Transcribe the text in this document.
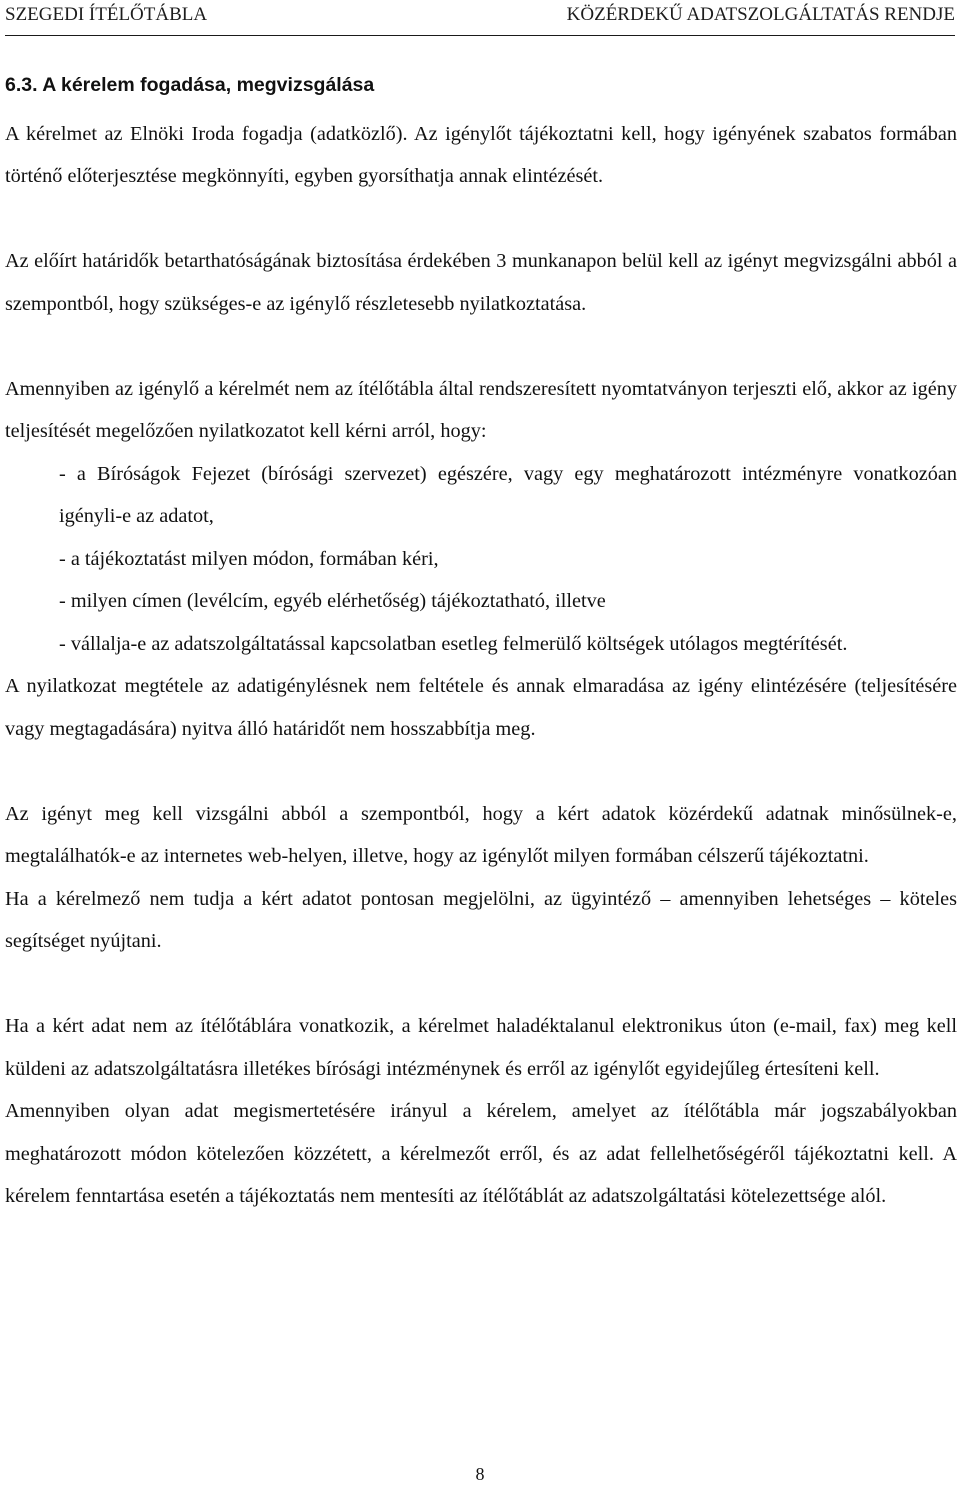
SZEGEDI ÍTÉLŐTÁBLA	KÖZÉRDEKŰ ADATSZOLGÁLTATÁS RENDJE
6.3. A kérelem fogadása, megvizsgálása

A kérelmet az Elnöki Iroda fogadja (adatközlő). Az igénylőt tájékoztatni kell, hogy igényének szabatos formában történő előterjesztése megkönnyíti, egyben gyorsíthatja annak elintézését.

Az előírt határidők betarthatóságának biztosítása érdekében 3 munkanapon belül kell az igényt megvizsgálni abból a szempontból, hogy szükséges-e az igénylő részletesebb nyilatkoztatása.

Amennyiben az igénylő a kérelmét nem az ítélőtábla által rendszeresített nyomtatványon terjeszti elő, akkor az igény teljesítését megelőzően nyilatkozatot kell kérni arról, hogy:

- a Bíróságok Fejezet (bírósági szervezet) egészére, vagy egy meghatározott intézményre vonatkozóan igényli-e az adatot,
- a tájékoztatást milyen módon, formában kéri,
- milyen címen (levélcím, egyéb elérhetőség) tájékoztatható, illetve
- vállalja-e az adatszolgáltatással kapcsolatban esetleg felmerülő költségek utólagos megtérítését.

A nyilatkozat megtétele az adatigénylésnek nem feltétele és annak elmaradása az igény elintézésére (teljesítésére vagy megtagadására) nyitva álló határidőt nem hosszabbítja meg.

Az igényt meg kell vizsgálni abból a szempontból, hogy a kért adatok közérdekű adatnak minősülnek-e, megtalálhatók-e az internetes web-helyen, illetve, hogy az igénylőt milyen formában célszerű tájékoztatni.

Ha a kérelmező nem tudja a kért adatot pontosan megjelölni, az ügyintéző – amennyiben lehetséges – köteles segítséget nyújtani.

Ha a kért adat nem az ítélőtáblára vonatkozik, a kérelmet haladéktalanul elektronikus úton (e-mail, fax) meg kell küldeni az adatszolgáltatásra illetékes bírósági intézménynek és erről az igénylőt egyidejűleg értesíteni kell.

Amennyiben olyan adat megismertetésére irányul a kérelem, amelyet az ítélőtábla már jogszabályokban meghatározott módon kötelezően közzétett, a kérelmezőt erről, és az adat fellelhetőségéről tájékoztatni kell. A kérelem fenntartása esetén a tájékoztatás nem mentesíti az ítélőtáblát az adatszolgáltatási kötelezettsége alól.

8
